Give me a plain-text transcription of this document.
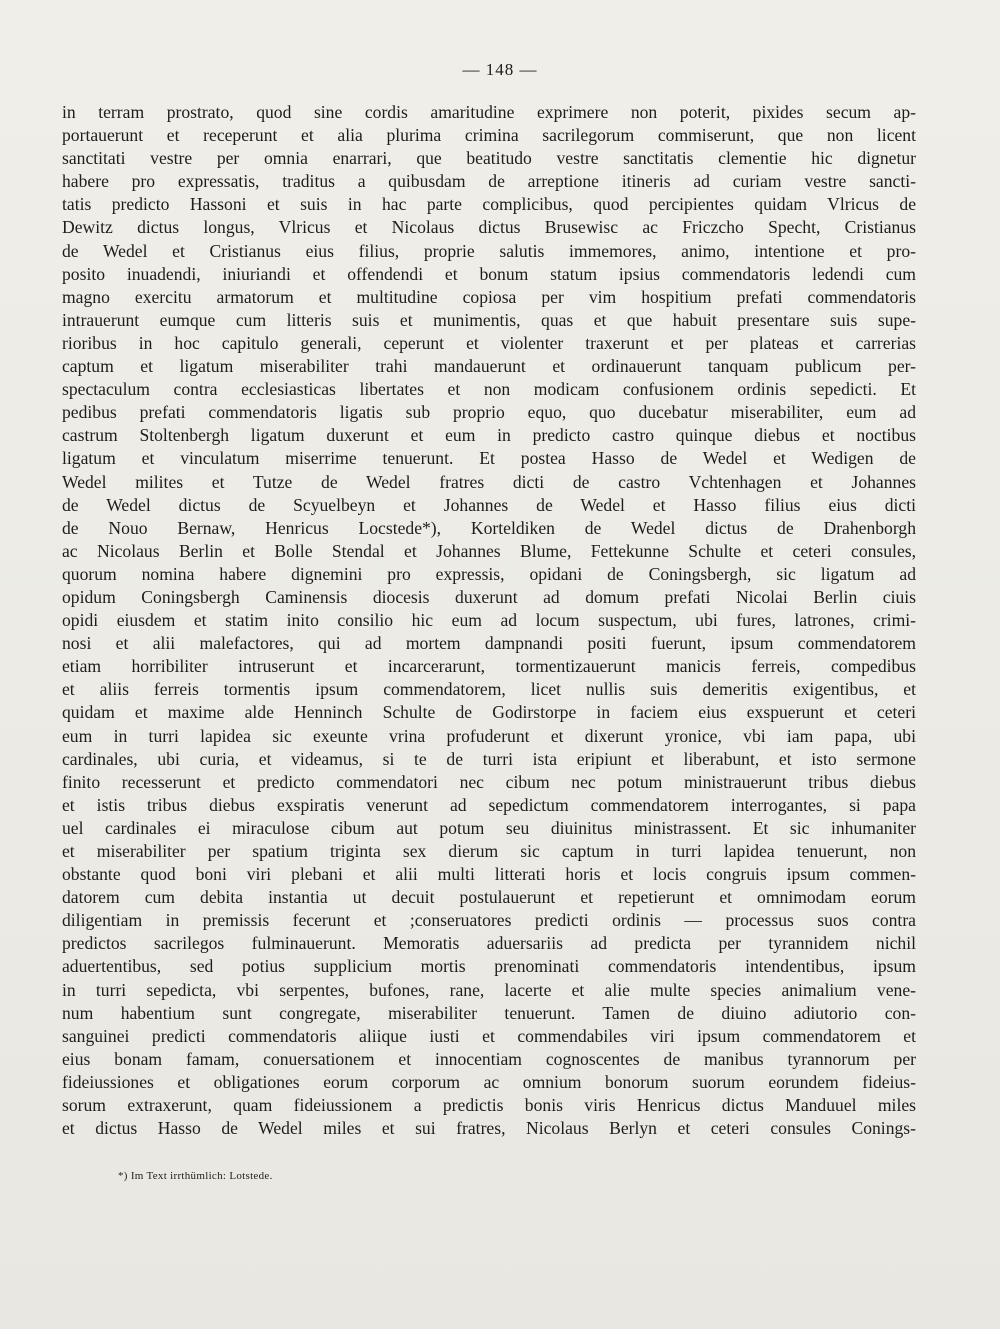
— 148 —
in terram prostrato, quod sine cordis amaritudine exprimere non poterit, pixides secum ap-
portauerunt et receperunt et alia plurima crimina sacrilegorum commiserunt, que non licent
sanctitati vestre per omnia enarrari, que beatitudo vestre sanctitatis clementie hic dignetur
habere pro expressatis, traditus a quibusdam de arreptione itineris ad curiam vestre sancti-
tatis predicto Hassoni et suis in hac parte complicibus, quod percipientes quidam Vlricus de
Dewitz dictus longus, Vlricus et Nicolaus dictus Brusewisc ac Friczcho Specht, Cristianus
de Wedel et Cristianus eius filius, proprie salutis immemores, animo, intentione et pro-
posito inuadendi, iniuriandi et offendendi et bonum statum ipsius commendatoris ledendi cum
magno exercitu armatorum et multitudine copiosa per vim hospitium prefati commendatoris
intrauerunt eumque cum litteris suis et munimentis, quas et que habuit presentare suis supe-
rioribus in hoc capitulo generali, ceperunt et violenter traxerunt et per plateas et carrerias
captum et ligatum miserabiliter trahi mandauerunt et ordinauerunt tanquam publicum per-
spectaculum contra ecclesiasticas libertates et non modicam confusionem ordinis sepedicti. Et
pedibus prefati commendatoris ligatis sub proprio equo, quo ducebatur miserabiliter, eum ad
castrum Stoltenbergh ligatum duxerunt et eum in predicto castro quinque diebus et noctibus
ligatum et vinculatum miserrime tenuerunt. Et postea Hasso de Wedel et Wedigen de
Wedel milites et Tutze de Wedel fratres dicti de castro Vchtenhagen et Johannes
de Wedel dictus de Scyuelbeyn et Johannes de Wedel et Hasso filius eius dicti
de Nouo Bernaw, Henricus Locstede*), Korteldiken de Wedel dictus de Drahenborgh
ac Nicolaus Berlin et Bolle Stendal et Johannes Blume, Fettekunne Schulte et ceteri consules,
quorum nomina habere dignemini pro expressis, opidani de Coningsbergh, sic ligatum ad
opidum Coningsbergh Caminensis diocesis duxerunt ad domum prefati Nicolai Berlin ciuis
opidi eiusdem et statim inito consilio hic eum ad locum suspectum, ubi fures, latrones, crimi-
nosi et alii malefactores, qui ad mortem dampnandi positi fuerunt, ipsum commendatorem
etiam horribiliter intruserunt et incarcerarunt, tormentizauerunt manicis ferreis, compedibus
et aliis ferreis tormentis ipsum commendatorem, licet nullis suis demeritis exigentibus, et
quidam et maxime alde Henninch Schulte de Godirstorpe in faciem eius exspuerunt et ceteri
eum in turri lapidea sic exeunte vrina profuderunt et dixerunt yronice, vbi iam papa, ubi
cardinales, ubi curia, et videamus, si te de turri ista eripiunt et liberabunt, et isto sermone
finito recesserunt et predicto commendatori nec cibum nec potum ministrauerunt tribus diebus
et istis tribus diebus exspiratis venerunt ad sepedictum commendatorem interrogantes, si papa
uel cardinales ei miraculose cibum aut potum seu diuinitus ministrassent. Et sic inhumaniter
et miserabiliter per spatium triginta sex dierum sic captum in turri lapidea tenuerunt, non
obstante quod boni viri plebani et alii multi litterati horis et locis congruis ipsum commen-
datorem cum debita instantia ut decuit postulauerunt et repetierunt et omnimodam eorum
diligentiam in premissis fecerunt et ;conseruatores predicti ordinis — processus suos contra
predictos sacrilegos fulminauerunt. Memoratis aduersariis ad predicta per tyrannidem nichil
aduertentibus, sed potius supplicium mortis prenominati commendatoris intendentibus, ipsum
in turri sepedicta, vbi serpentes, bufones, rane, lacerte et alie multe species animalium vene-
num habentium sunt congregate, miserabiliter tenuerunt. Tamen de diuino adiutorio con-
sanguinei predicti commendatoris aliique iusti et commendabiles viri ipsum commendatorem et
eius bonam famam, conuersationem et innocentiam cognoscentes de manibus tyrannorum per
fideiussiones et obligationes eorum corporum ac omnium bonorum suorum eorundem fideius-
sorum extraxerunt, quam fideiussionem a predictis bonis viris Henricus dictus Manduuel miles
et dictus Hasso de Wedel miles et sui fratres, Nicolaus Berlyn et ceteri consules Conings-
*) Im Text irrthümlich: Lotstede.
